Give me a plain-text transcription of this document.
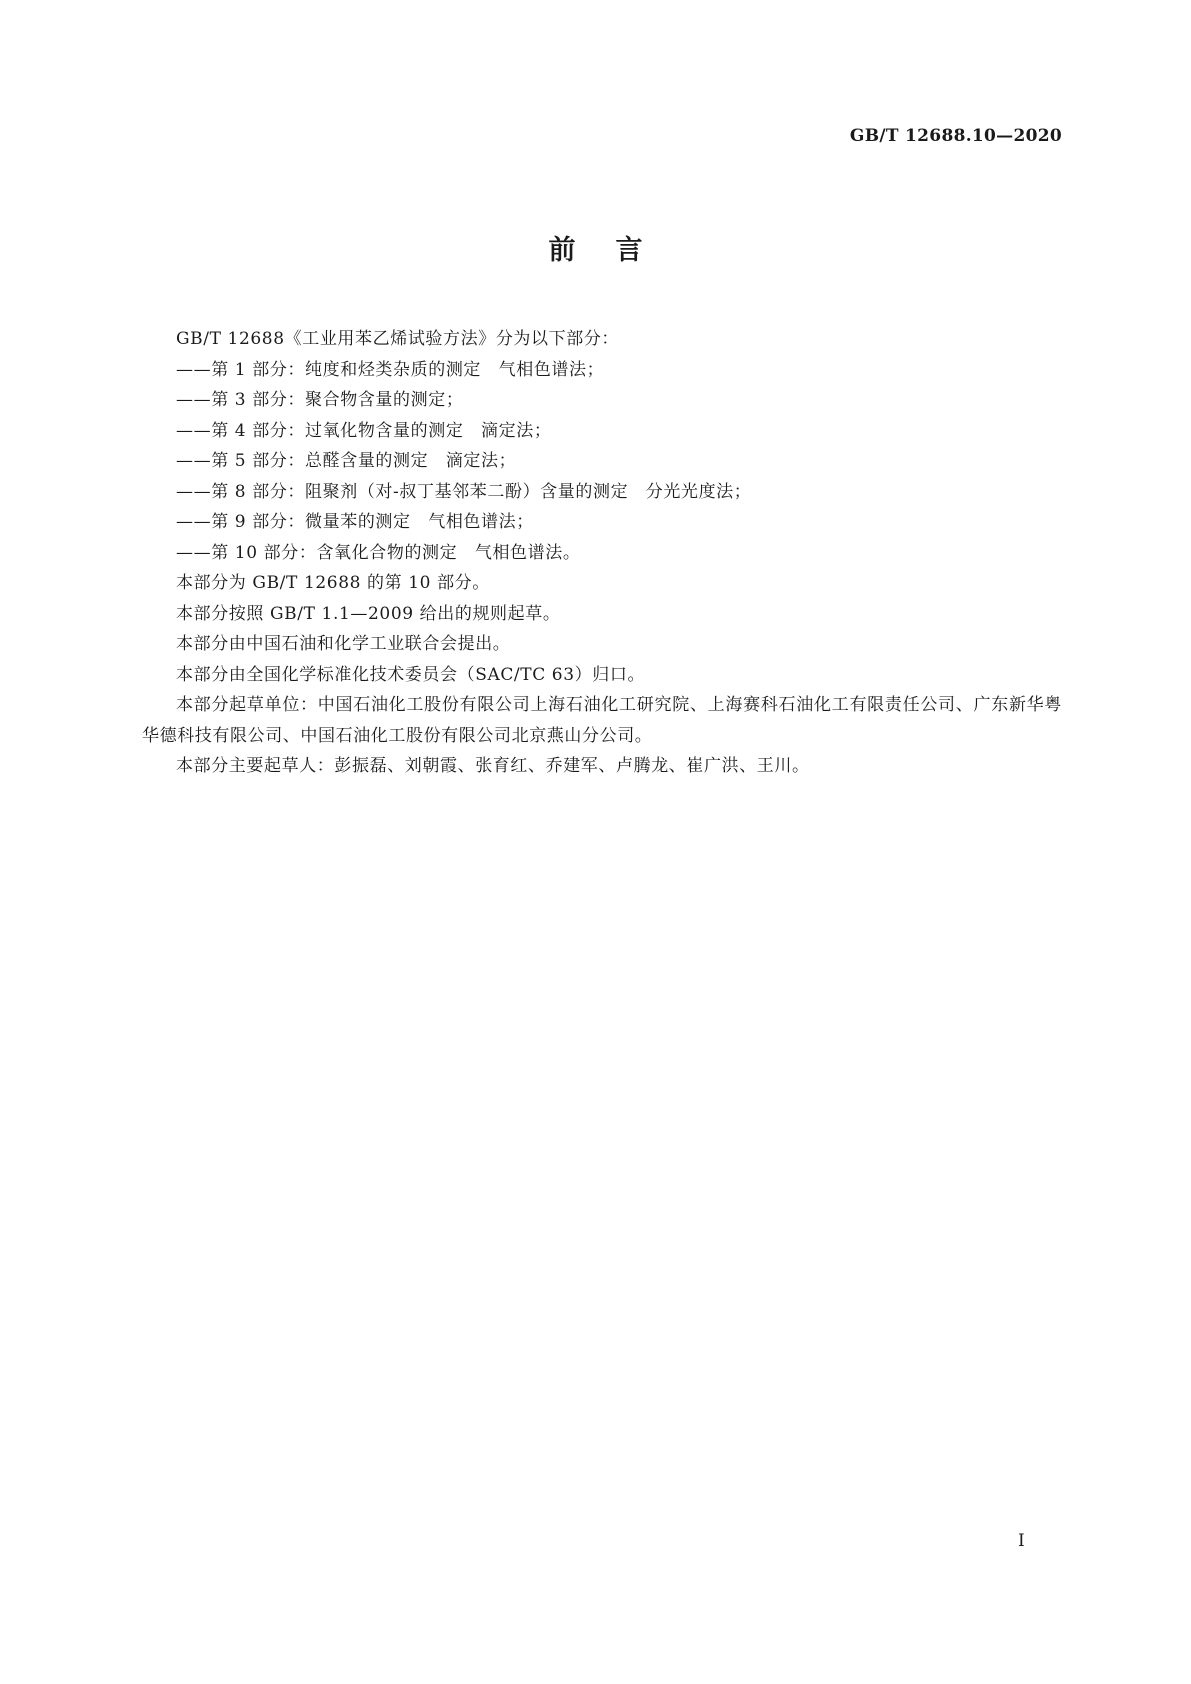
GB/T 12688.10—2020
前言

GB/T 12688《工业用苯乙烯试验方法》分为以下部分：

——第 1 部分：纯度和烃类杂质的测定　气相色谱法；

——第 3 部分：聚合物含量的测定；

——第 4 部分：过氧化物含量的测定　滴定法；

——第 5 部分：总醛含量的测定　滴定法；

——第 8 部分：阻聚剂（对-叔丁基邻苯二酚）含量的测定　分光光度法；

——第 9 部分：微量苯的测定　气相色谱法；

——第 10 部分：含氧化合物的测定　气相色谱法。

本部分为 GB/T 12688 的第 10 部分。

本部分按照 GB/T 1.1—2009 给出的规则起草。

本部分由中国石油和化学工业联合会提出。

本部分由全国化学标准化技术委员会（SAC/TC 63）归口。

本部分起草单位：中国石油化工股份有限公司上海石油化工研究院、上海赛科石油化工有限责任公司、广东新华粤华德科技有限公司、中国石油化工股份有限公司北京燕山分公司。

本部分主要起草人：彭振磊、刘朝霞、张育红、乔建军、卢腾龙、崔广洪、王川。

I
